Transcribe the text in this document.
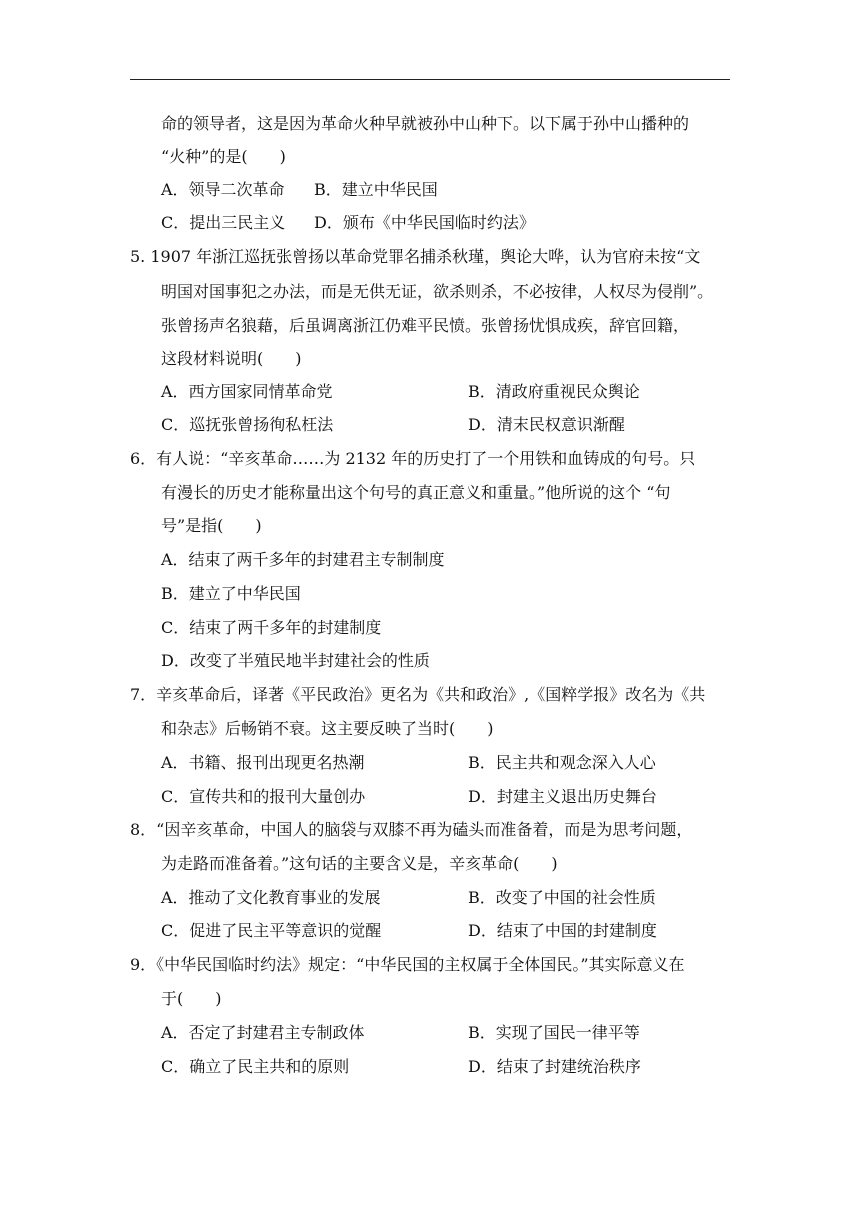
命的领导者，这是因为革命火种早就被孙中山种下。以下属于孙中山播种的
“火种”的是(　　)
A．领导二次革命 B．建立中华民国
C．提出三民主义 D．颁布《中华民国临时约法》
5. 1907 年浙江巡抚张曾扬以革命党罪名捕杀秋瑾，舆论大哗，认为官府未按“文
明国对国事犯之办法，而是无供无证，欲杀则杀，不必按律，人权尽为侵削”。
张曾扬声名狼藉，后虽调离浙江仍难平民愤。张曾扬忧惧成疾，辞官回籍，
这段材料说明(　　)
A．西方国家同情革命党	B．清政府重视民众舆论
C．巡抚张曾扬徇私枉法	D．清末民权意识渐醒
6．有人说：“辛亥革命……为 2132 年的历史打了一个用铁和血铸成的句号。只
有漫长的历史才能称量出这个句号的真正意义和重量。”他所说的这个 “句
号”是指(　　)
A．结束了两千多年的封建君主专制制度
B．建立了中华民国
C．结束了两千多年的封建制度
D．改变了半殖民地半封建社会的性质
7．辛亥革命后，译著《平民政治》更名为《共和政治》,《国粹学报》改名为《共
和杂志》后畅销不衰。这主要反映了当时(　　)
A．书籍、报刊出现更名热潮	B．民主共和观念深入人心
C．宣传共和的报刊大量创办	D．封建主义退出历史舞台
8．“因辛亥革命，中国人的脑袋与双膝不再为磕头而准备着，而是为思考问题，
为走路而准备着。”这句话的主要含义是，辛亥革命(　　)
A．推动了文化教育事业的发展	B．改变了中国的社会性质
C．促进了民主平等意识的觉醒	D．结束了中国的封建制度
9．《中华民国临时约法》规定：“中华民国的主权属于全体国民。”其实际意义在
于(　　)
A．否定了封建君主专制政体	B．实现了国民一律平等
C．确立了民主共和的原则	D．结束了封建统治秩序
